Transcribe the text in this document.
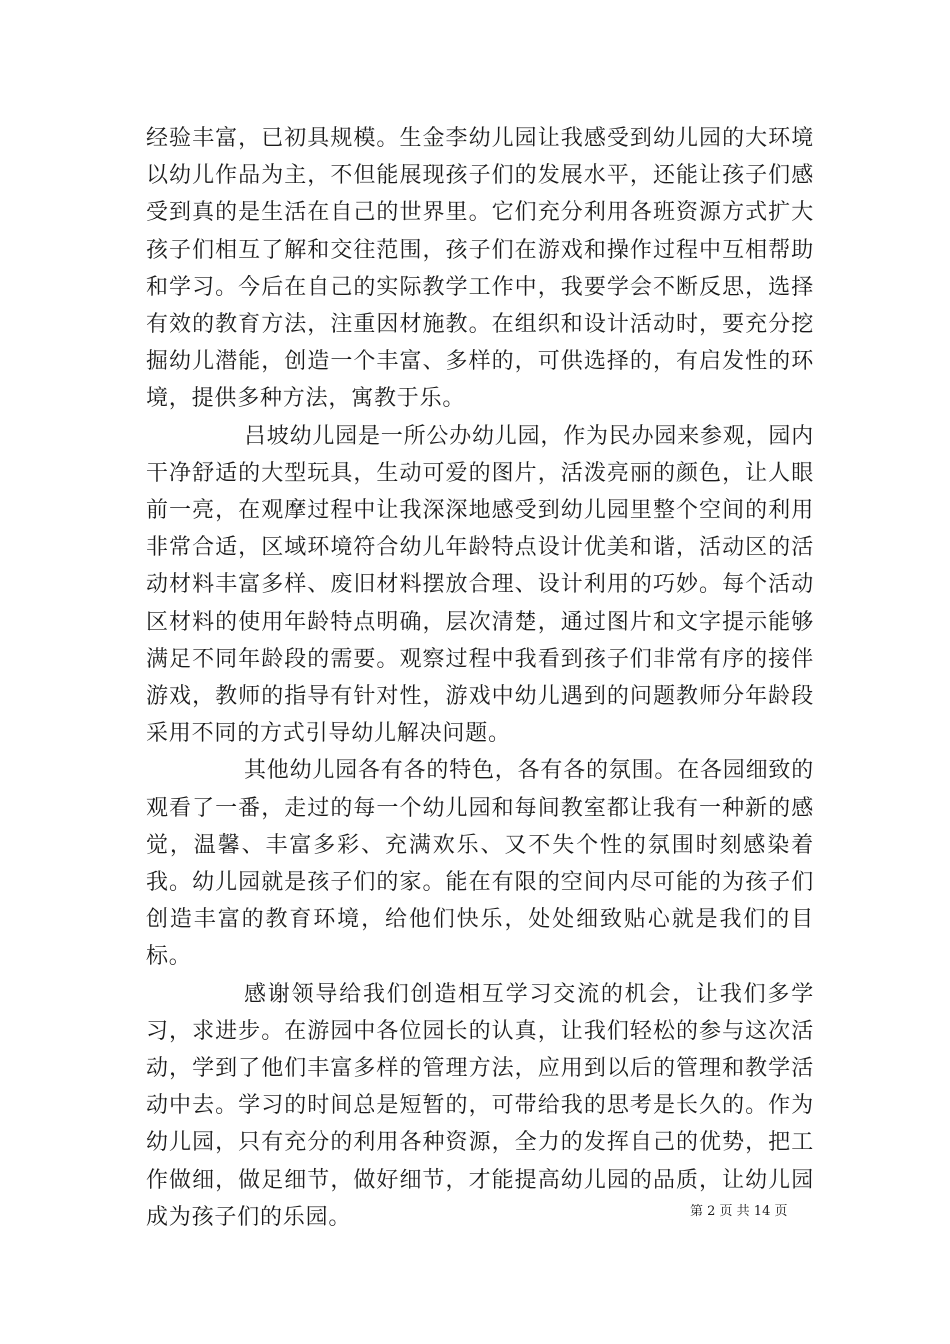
经验丰富，已初具规模。生金李幼儿园让我感受到幼儿园的大环境以幼儿作品为主，不但能展现孩子们的发展水平，还能让孩子们感受到真的是生活在自己的世界里。它们充分利用各班资源方式扩大孩子们相互了解和交往范围，孩子们在游戏和操作过程中互相帮助和学习。今后在自己的实际教学工作中，我要学会不断反思，选择有效的教育方法，注重因材施教。在组织和设计活动时，要充分挖掘幼儿潜能，创造一个丰富、多样的，可供选择的，有启发性的环境，提供多种方法，寓教于乐。

吕坡幼儿园是一所公办幼儿园，作为民办园来参观，园内干净舒适的大型玩具，生动可爱的图片，活泼亮丽的颜色，让人眼前一亮，在观摩过程中让我深深地感受到幼儿园里整个空间的利用非常合适，区域环境符合幼儿年龄特点设计优美和谐，活动区的活动材料丰富多样、废旧材料摆放合理、设计利用的巧妙。每个活动区材料的使用年龄特点明确，层次清楚，通过图片和文字提示能够满足不同年龄段的需要。观察过程中我看到孩子们非常有序的接伴游戏，教师的指导有针对性，游戏中幼儿遇到的问题教师分年龄段采用不同的方式引导幼儿解决问题。

其他幼儿园各有各的特色，各有各的氛围。在各园细致的观看了一番，走过的每一个幼儿园和每间教室都让我有一种新的感觉，温馨、丰富多彩、充满欢乐、又不失个性的氛围时刻感染着我。幼儿园就是孩子们的家。能在有限的空间内尽可能的为孩子们创造丰富的教育环境，给他们快乐，处处细致贴心就是我们的目标。

感谢领导给我们创造相互学习交流的机会，让我们多学习，求进步。在游园中各位园长的认真，让我们轻松的参与这次活动，学到了他们丰富多样的管理方法，应用到以后的管理和教学活动中去。学习的时间总是短暂的，可带给我的思考是长久的。作为幼儿园，只有充分的利用各种资源，全力的发挥自己的优势，把工作做细，做足细节，做好细节，才能提高幼儿园的品质，让幼儿园成为孩子们的乐园。	第 2 页 共 14 页
